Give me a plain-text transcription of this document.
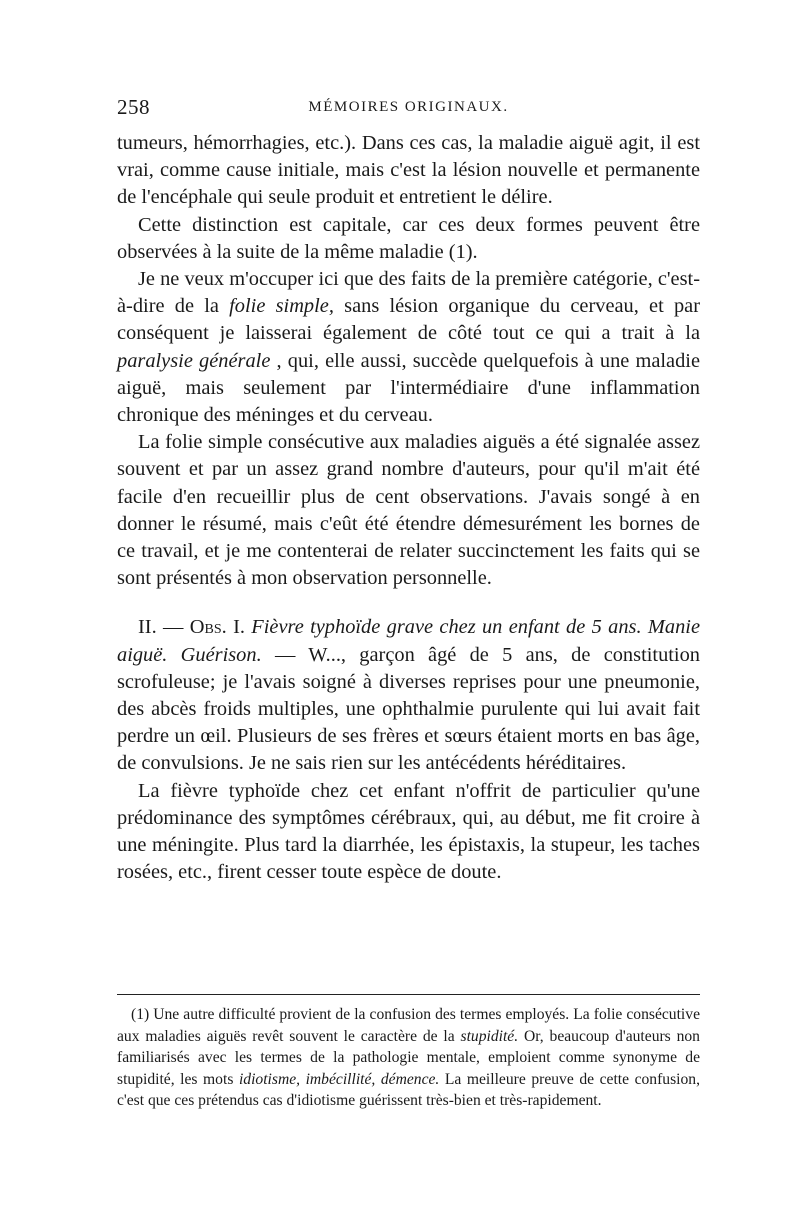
258	MÉMOIRES ORIGINAUX.

tumeurs, hémorrhagies, etc.). Dans ces cas, la maladie aiguë agit, il est vrai, comme cause initiale, mais c'est la lésion nouvelle et permanente de l'encéphale qui seule produit et entretient le délire.

Cette distinction est capitale, car ces deux formes peuvent être observées à la suite de la même maladie (1).

Je ne veux m'occuper ici que des faits de la première catégorie, c'est-à-dire de la folie simple, sans lésion organique du cerveau, et par conséquent je laisserai également de côté tout ce qui a trait à la paralysie générale , qui, elle aussi, succède quelquefois à une maladie aiguë, mais seulement par l'intermédiaire d'une inflammation chronique des méninges et du cerveau.

La folie simple consécutive aux maladies aiguës a été signalée assez souvent et par un assez grand nombre d'auteurs, pour qu'il m'ait été facile d'en recueillir plus de cent observations. J'avais songé à en donner le résumé, mais c'eût été étendre démesurément les bornes de ce travail, et je me contenterai de relater succinctement les faits qui se sont présentés à mon observation personnelle.

II. — Obs. I. Fièvre typhoïde grave chez un enfant de 5 ans. Manie aiguë. Guérison. — W..., garçon âgé de 5 ans, de constitution scrofuleuse; je l'avais soigné à diverses reprises pour une pneumonie, des abcès froids multiples, une ophthalmie purulente qui lui avait fait perdre un œil. Plusieurs de ses frères et sœurs étaient morts en bas âge, de convulsions. Je ne sais rien sur les antécédents héréditaires.

La fièvre typhoïde chez cet enfant n'offrit de particulier qu'une prédominance des symptômes cérébraux, qui, au début, me fit croire à une méningite. Plus tard la diarrhée, les épistaxis, la stupeur, les taches rosées, etc., firent cesser toute espèce de doute.

(1) Une autre difficulté provient de la confusion des termes employés. La folie consécutive aux maladies aiguës revêt souvent le caractère de la stupidité. Or, beaucoup d'auteurs non familiarisés avec les termes de la pathologie mentale, emploient comme synonyme de stupidité, les mots idiotisme, imbécillité, démence. La meilleure preuve de cette confusion, c'est que ces prétendus cas d'idiotisme guérissent très-bien et très-rapidement.
